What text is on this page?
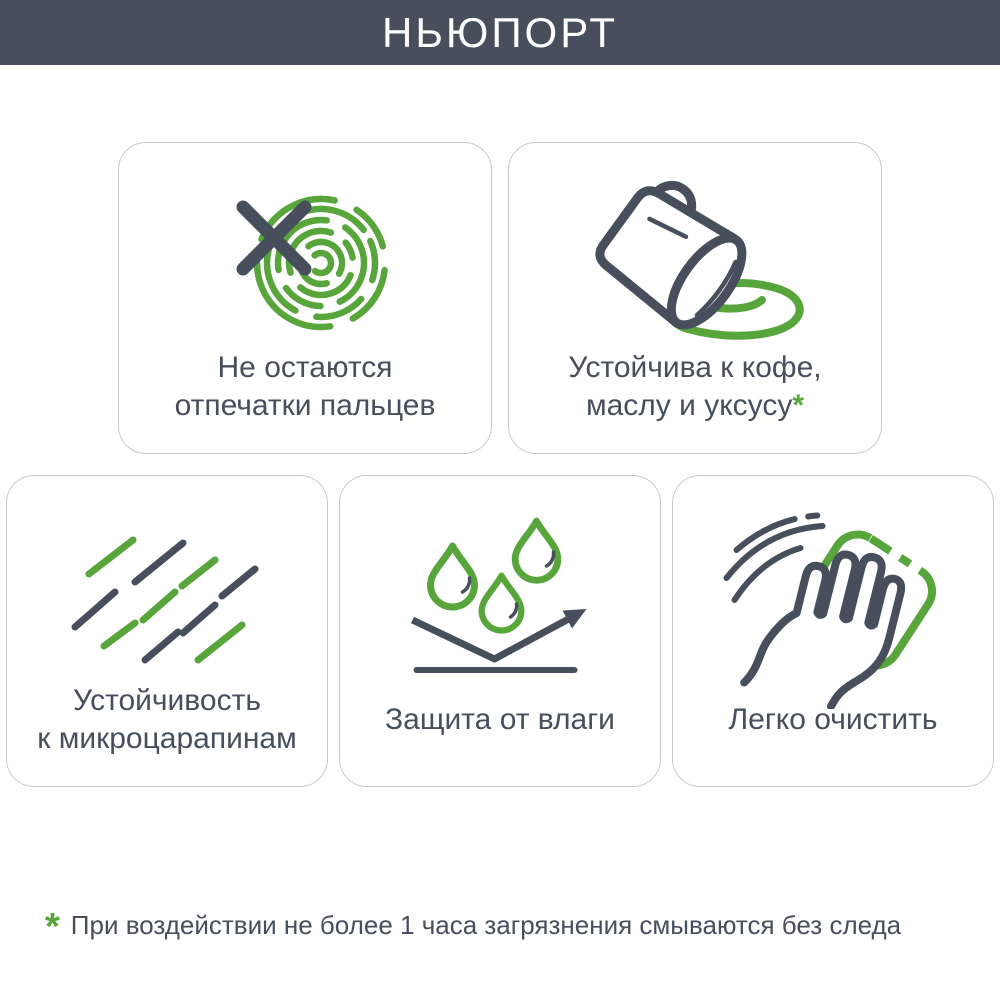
НЬЮПОРТ
Не остаются
отпечатки пальцев
Устойчива к кофе,
маслу и уксусу*
Устойчивость
к микроцарапинам
Защита от влаги	Легко очистить
* При воздействии не более 1 часа загрязнения смываются без следа
